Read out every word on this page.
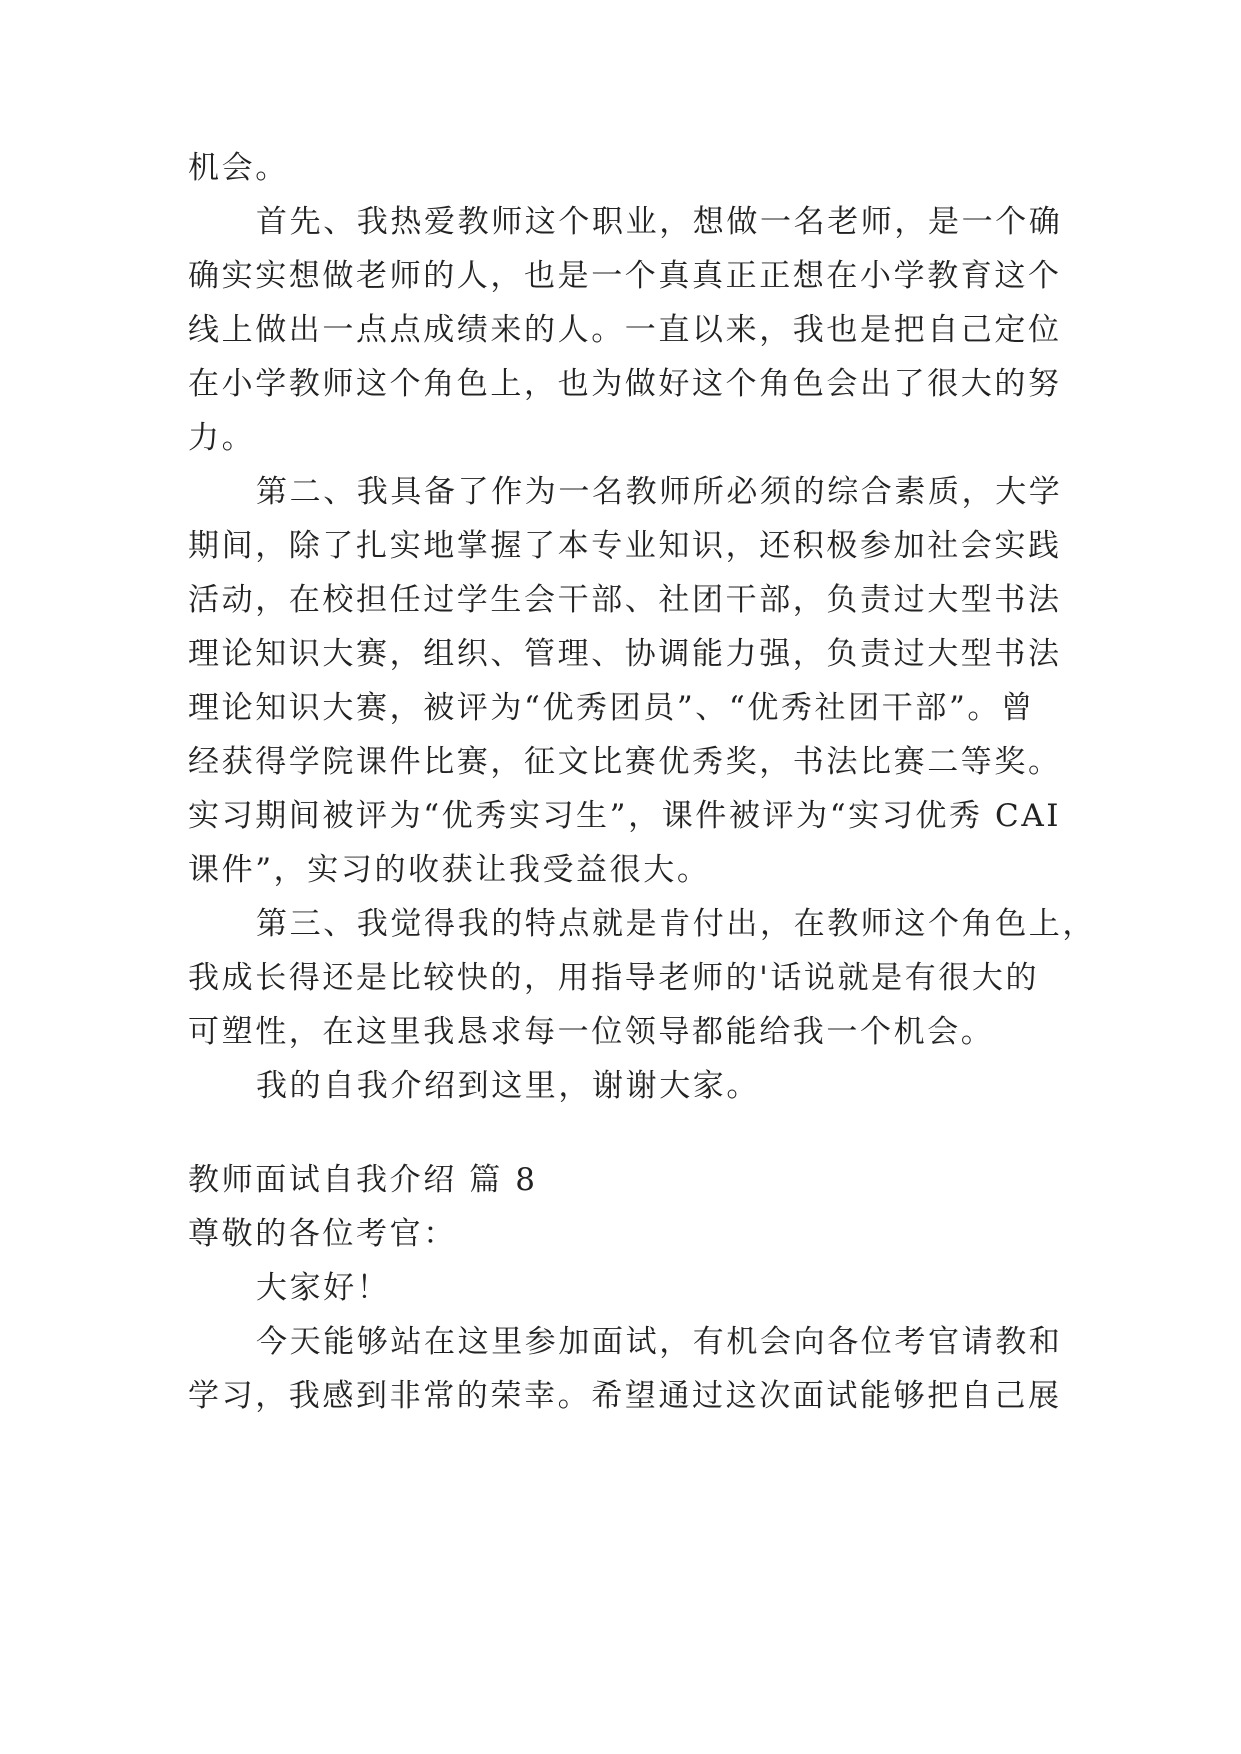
机会。
首先、我热爱教师这个职业，想做一名老师，是一个确
确实实想做老师的人，也是一个真真正正想在小学教育这个
线上做出一点点成绩来的人。一直以来，我也是把自己定位
在小学教师这个角色上，也为做好这个角色会出了很大的努
力。
第二、我具备了作为一名教师所必须的综合素质，大学
期间，除了扎实地掌握了本专业知识，还积极参加社会实践
活动，在校担任过学生会干部、社团干部，负责过大型书法
理论知识大赛，组织、管理、协调能力强，负责过大型书法
理论知识大赛，被评为“优秀团员”、“优秀社团干部”。曾
经获得学院课件比赛，征文比赛优秀奖，书法比赛二等奖。
实习期间被评为“优秀实习生”，课件被评为“实习优秀 CAI
课件”，实习的收获让我受益很大。
第三、我觉得我的特点就是肯付出，在教师这个角色上，
我成长得还是比较快的，用指导老师的'话说就是有很大的
可塑性，在这里我恳求每一位领导都能给我一个机会。
我的自我介绍到这里，谢谢大家。
教师面试自我介绍 篇 8
尊敬的各位考官：
大家好！
今天能够站在这里参加面试，有机会向各位考官请教和
学习，我感到非常的荣幸。希望通过这次面试能够把自己展
